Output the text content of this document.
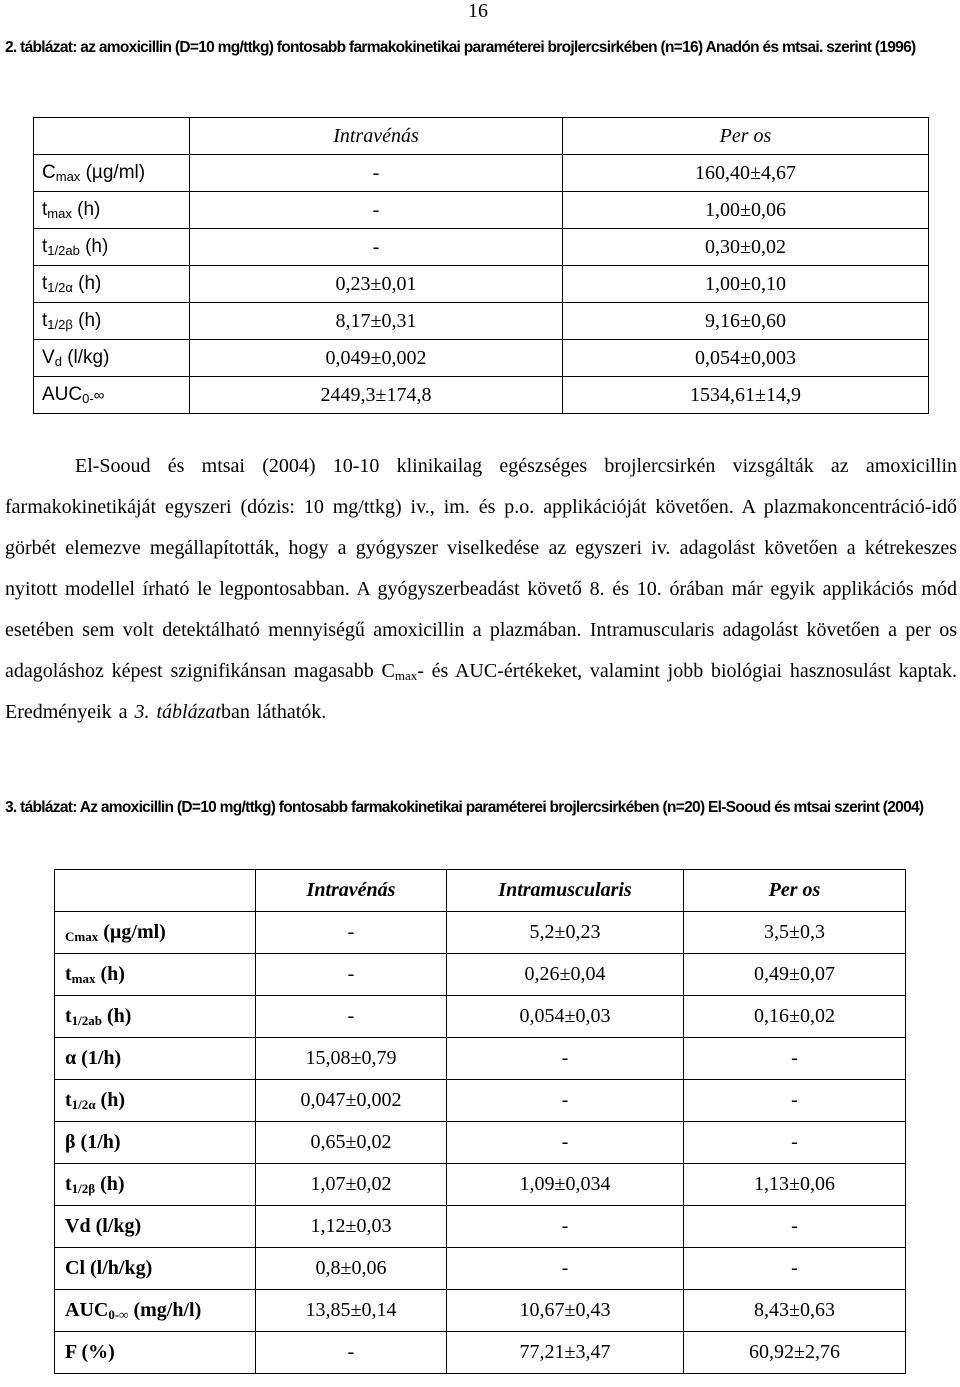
16
2. táblázat: az amoxicillin (D=10 mg/ttkg) fontosabb farmakokinetikai paraméterei brojlercsirkében (n=16) Anadón és mtsai. szerint (1996)
	Intravénás	Per os
$C_{max}$ (µg/ml)	-	160,40±4,67
$t_{max}$ (h)	-	1,00±0,06
$t_{1/2ab}$ (h)	-	0,30±0,02
$t_{1/2\alpha}$ (h)	0,23±0,01	1,00±0,10
$t_{1/2\beta}$ (h)	8,17±0,31	9,16±0,60
$V_d$ (l/kg)	0,049±0,002	0,054±0,003
$AUC_{0-}\infty$	2449,3±174,8	1534,61±14,9

El-Sooud és mtsai (2004) 10-10 klinikailag egészséges brojlercsirkén vizsgálták az amoxicillin farmakokinetikáját egyszeri (dózis: 10 mg/ttkg) iv., im. és p.o. applikációját követően. A plazmakoncentráció-idő görbét elemezve megállapították, hogy a gyógyszer viselkedése az egyszeri iv. adagolást követően a kétrekeszes nyitott modellel írható le legpontosabban. A gyógyszerbeadást követő 8. és 10. órában már egyik applikációs mód esetében sem volt detektálható mennyiségű amoxicillin a plazmában. Intramuscularis adagolást követően a per os adagoláshoz képest szignifikánsan magasabb $C_{max}-$ és AUC-értékeket, valamint jobb biológiai hasznosulást kaptak. Eredményeik a 3. táblázatban láthatók.

3. táblázat: Az amoxicillin (D=10 mg/ttkg) fontosabb farmakokinetikai paraméterei brojlercsirkében (n=20) El-Sooud és mtsai szerint (2004)
	Intravénás	Intramuscularis	Per os
$_{Cmax}$ (µg/ml)	-	5,2±0,23	3,5±0,3
$t_{max}$ (h)	-	0,26±0,04	0,49±0,07
$t_{1/2ab}$ (h)	-	0,054±0,03	0,16±0,02
α (1/h)	15,08±0,79	-	-
$t_{1/2\alpha}$ (h)	0,047±0,002	-	-
β (1/h)	0,65±0,02	-	-
$t_{1/2\beta}$ (h)	1,07±0,02	1,09±0,034	1,13±0,06
Vd (l/kg)	1,12±0,03	-	-
Cl (l/h/kg)	0,8±0,06	-	-
$AUC_{0-\infty}$ (mg/h/l)	13,85±0,14	10,67±0,43	8,43±0,63
F (%)	-	77,21±3,47	60,92±2,76
